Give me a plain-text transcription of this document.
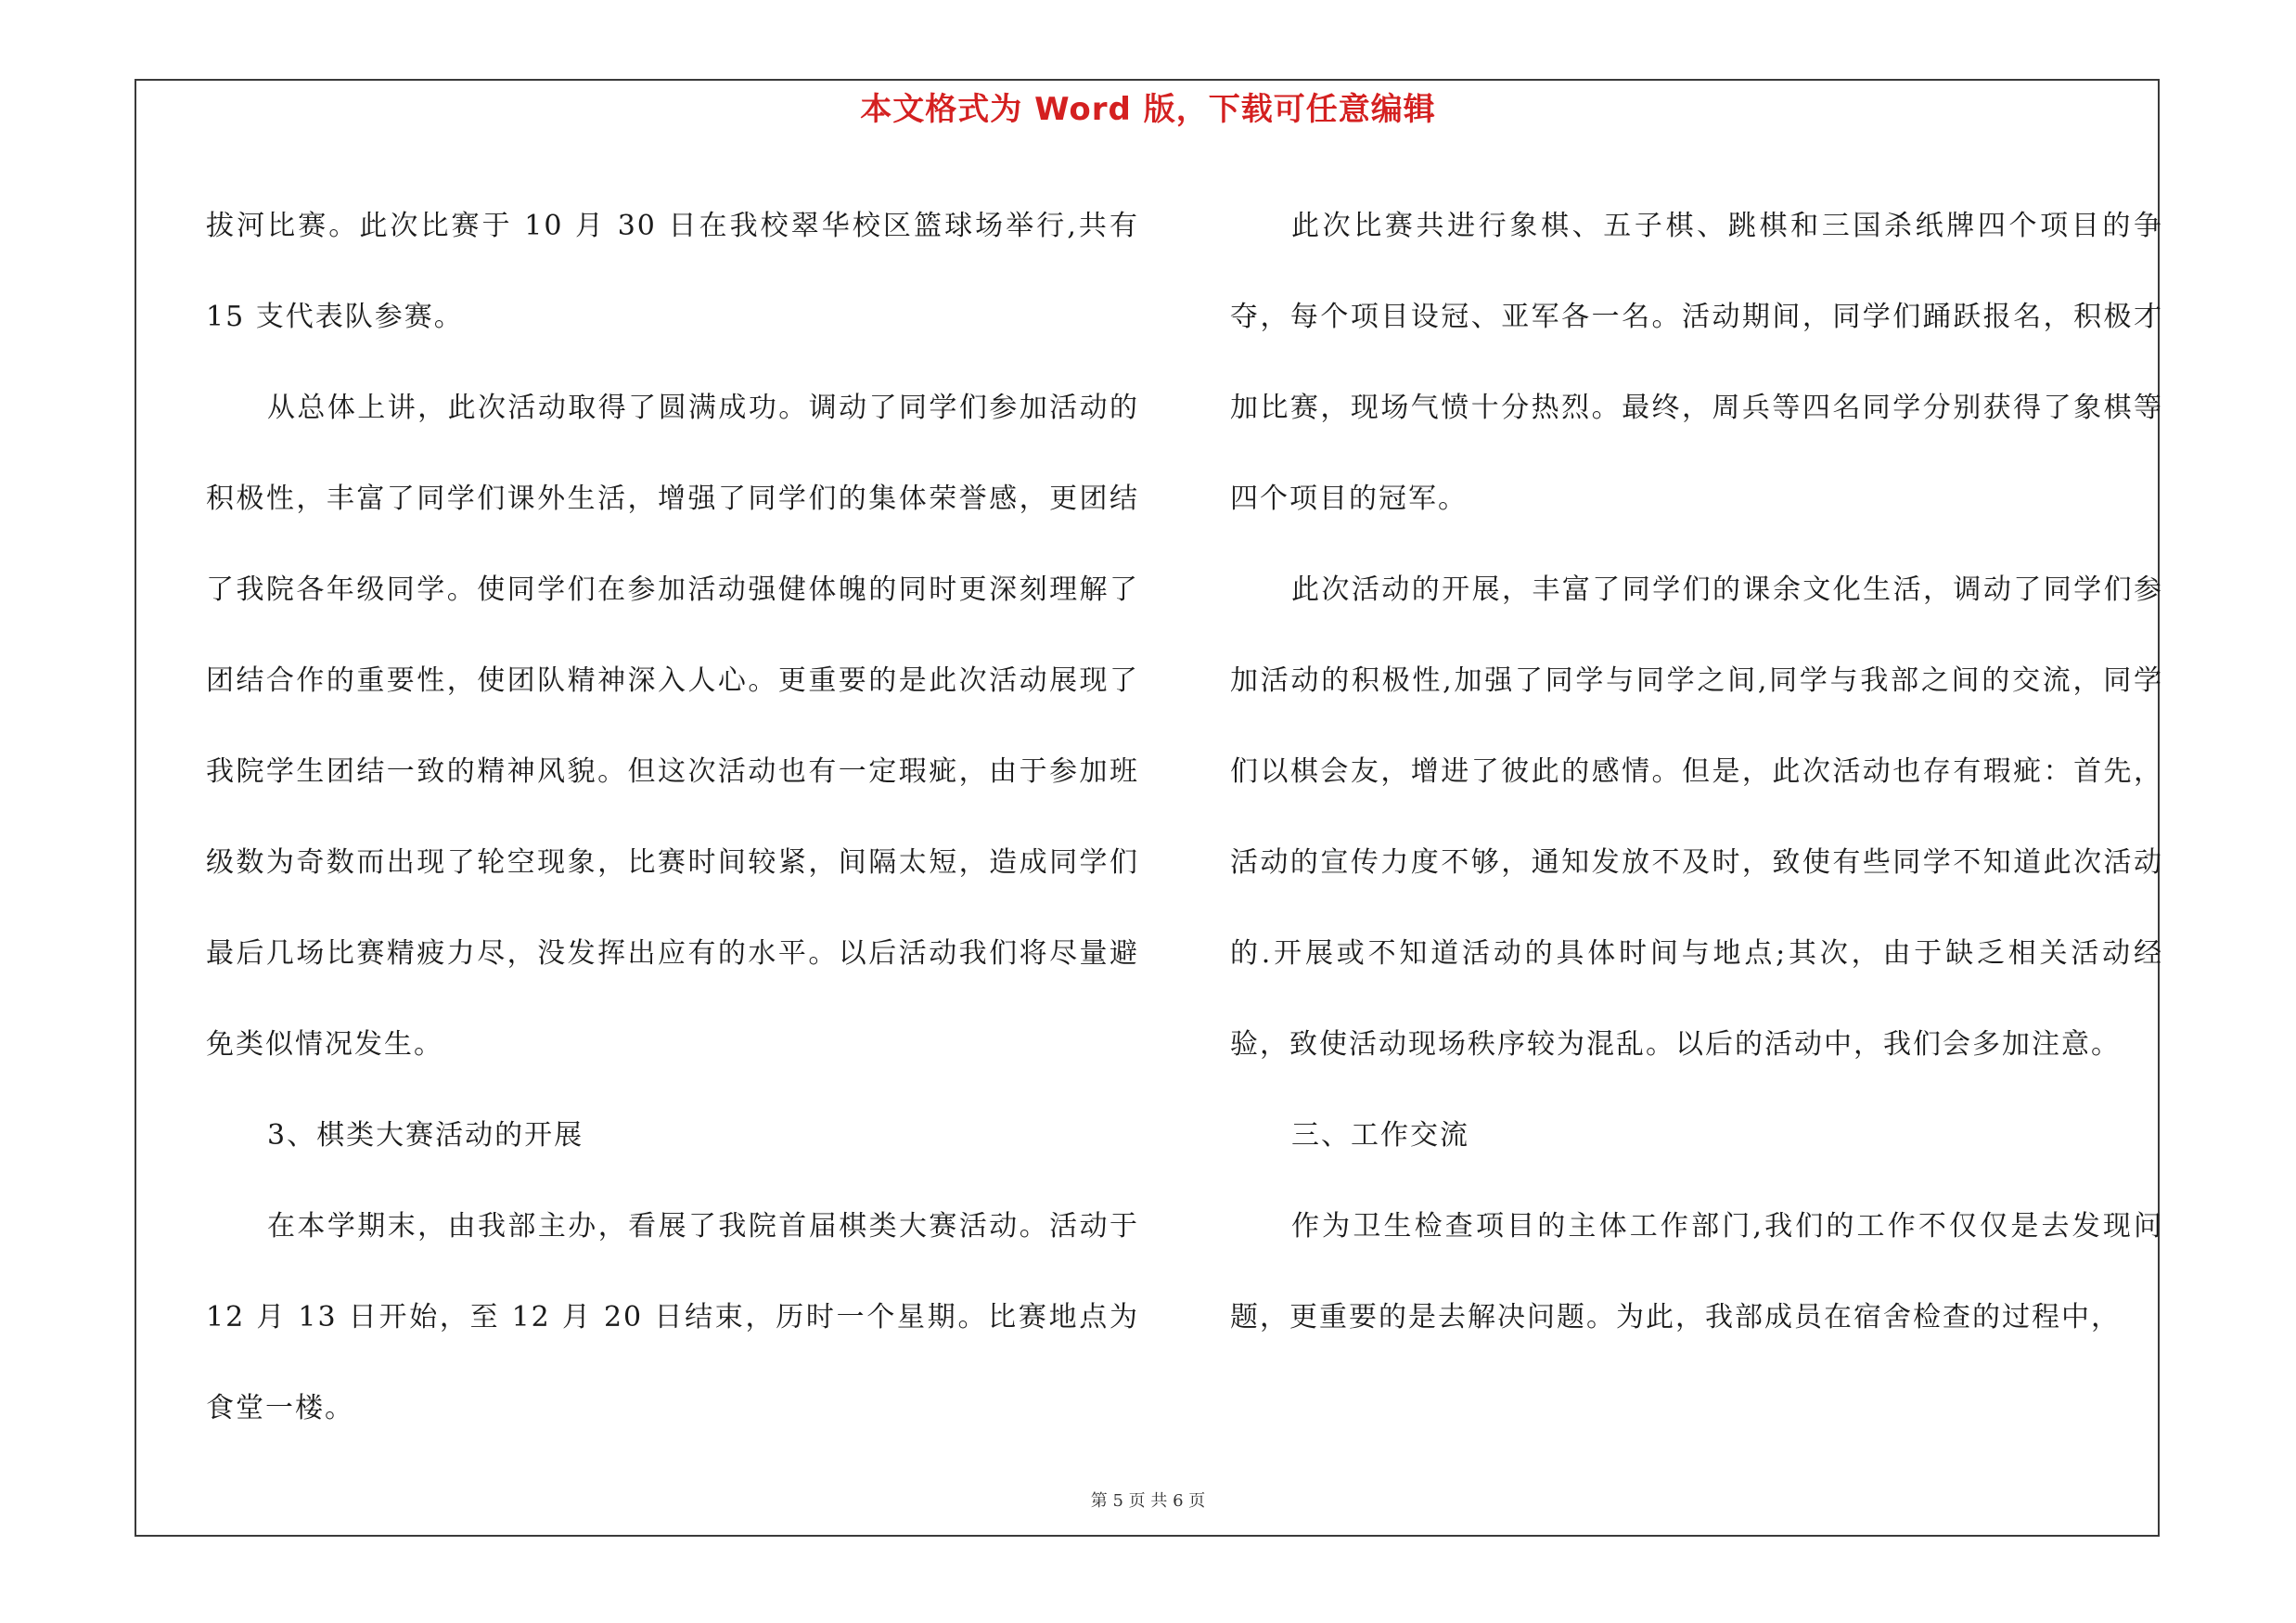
本文格式为 Word 版，下载可任意编辑

拔河比赛。此次比赛于 10 月 30 日在我校翠华校区篮球场举行,共有 15 支代表队参赛。

从总体上讲，此次活动取得了圆满成功。调动了同学们参加活动的积极性，丰富了同学们课外生活，增强了同学们的集体荣誉感，更团结了我院各年级同学。使同学们在参加活动强健体魄的同时更深刻理解了团结合作的重要性，使团队精神深入人心。更重要的是此次活动展现了我院学生团结一致的精神风貌。但这次活动也有一定瑕疵，由于参加班级数为奇数而出现了轮空现象，比赛时间较紧，间隔太短，造成同学们最后几场比赛精疲力尽，没发挥出应有的水平。以后活动我们将尽量避免类似情况发生。

3、棋类大赛活动的开展

在本学期末，由我部主办，看展了我院首届棋类大赛活动。活动于 12 月 13 日开始，至 12 月 20 日结束，历时一个星期。比赛地点为食堂一楼。

此次比赛共进行象棋、五子棋、跳棋和三国杀纸牌四个项目的争夺，每个项目设冠、亚军各一名。活动期间，同学们踊跃报名，积极才加比赛，现场气愤十分热烈。最终，周兵等四名同学分别获得了象棋等四个项目的冠军。

此次活动的开展，丰富了同学们的课余文化生活，调动了同学们参加活动的积极性,加强了同学与同学之间,同学与我部之间的交流，同学们以棋会友，增进了彼此的感情。但是，此次活动也存有瑕疵：首先，活动的宣传力度不够，通知发放不及时，致使有些同学不知道此次活动的.开展或不知道活动的具体时间与地点;其次，由于缺乏相关活动经验，致使活动现场秩序较为混乱。以后的活动中，我们会多加注意。

三、工作交流

作为卫生检查项目的主体工作部门,我们的工作不仅仅是去发现问题，更重要的是去解决问题。为此，我部成员在宿舍检查的过程中，

第 5 页 共 6 页
